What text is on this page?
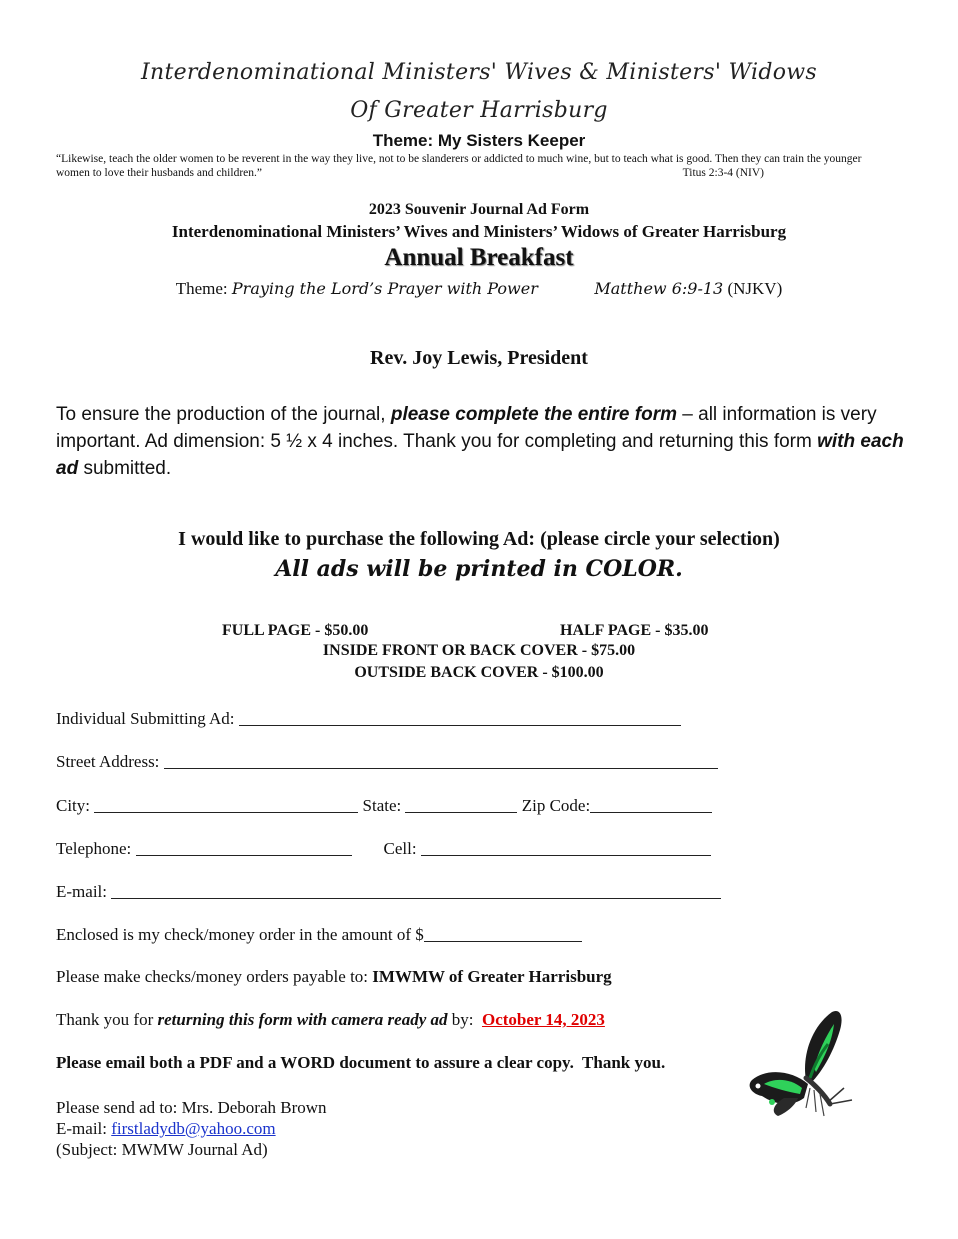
Interdenominational Ministers' Wives & Ministers' Widows
Of Greater Harrisburg
Theme: My Sisters Keeper
“Likewise, teach the older women to be reverent in the way they live, not to be slanderers or addicted to much wine, but to teach what is good. Then they can train the younger women to love their husbands and children.”	Titus 2:3-4 (NIV)
2023 Souvenir Journal Ad Form
Interdenominational Ministers’ Wives and Ministers’ Widows of Greater Harrisburg
Annual Breakfast
Theme: Praying the Lord’s Prayer with Power	Matthew 6:9-13 (NJKV)
Rev. Joy Lewis, President
To ensure the production of the journal, please complete the entire form – all information is very important. Ad dimension: 5 ½ x 4 inches. Thank you for completing and returning this form with each ad submitted.
I would like to purchase the following Ad: (please circle your selection)
All ads will be printed in COLOR.
FULL PAGE - $50.00	HALF PAGE - $35.00
INSIDE FRONT OR BACK COVER - $75.00
OUTSIDE BACK COVER - $100.00
Individual Submitting Ad:
Street Address:
City:	State:	Zip Code:
Telephone:	Cell:
E-mail:
Enclosed is my check/money order in the amount of $
Please make checks/money orders payable to: IMWMW of Greater Harrisburg
Thank you for returning this form with camera ready ad by:  October 14, 2023
Please email both a PDF and a WORD document to assure a clear copy.  Thank you.
Please send ad to: Mrs. Deborah Brown
E-mail: firstladydb@yahoo.com
(Subject: MWMW Journal Ad)
